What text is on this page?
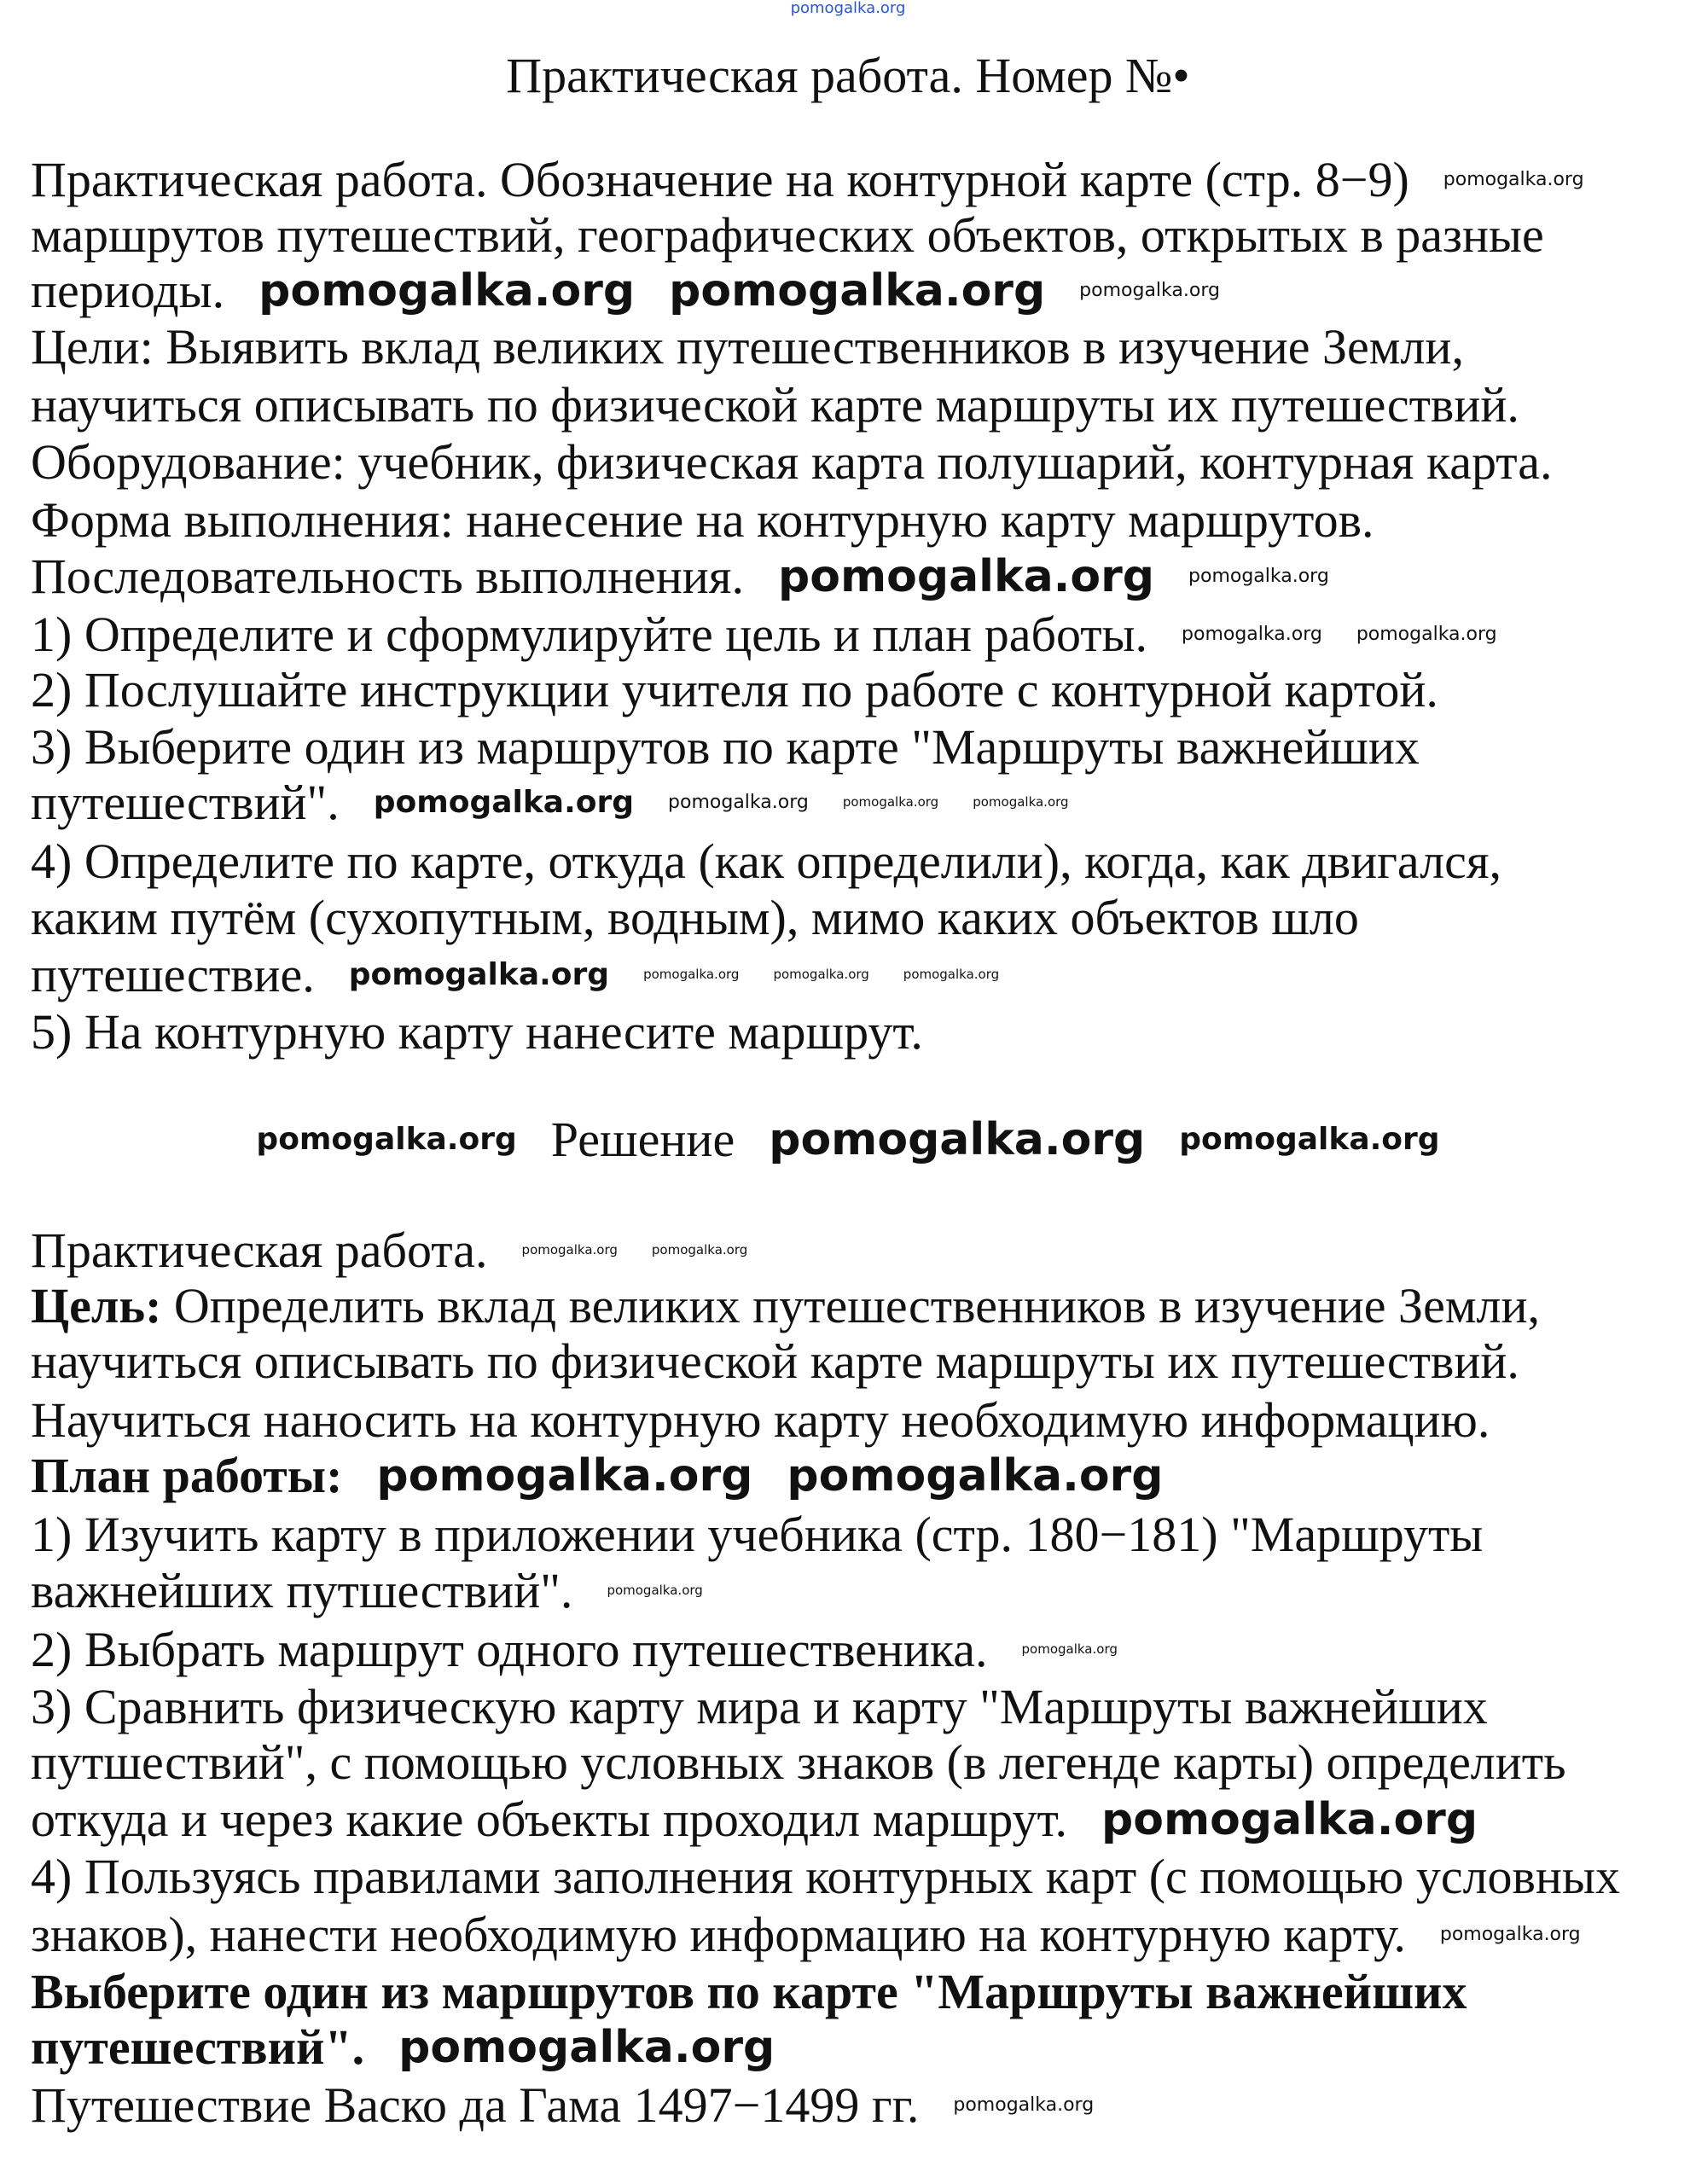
pomogalka.org
Практическая работа. Номер №•
Практическая работа. Обозначение на контурной карте (стр. 8−9) pomogalka.org
маршрутов путешествий, географических объектов, открытых в разные
периоды. pomogalka.org pomogalka.org pomogalka.org
Цели: Выявить вклад великих путешественников в изучение Земли,
научиться описывать по физической карте маршруты их путешествий.
Оборудование: учебник, физическая карта полушарий, контурная карта.
Форма выполнения: нанесение на контурную карту маршрутов.
Последовательность выполнения. pomogalka.org pomogalka.org
1) Определите и сформулируйте цель и план работы. pomogalka.org pomogalka.org
2) Послушайте инструкции учителя по работе с контурной картой.
3) Выберите один из маршрутов по карте "Маршруты важнейших
путешествий". pomogalka.org pomogalka.org	pomogalka.org	pomogalka.org
4) Определите по карте, откуда (как определили), когда, как двигался,
каким путём (сухопутным, водным), мимо каких объектов шло
путешествие. pomogalka.org	pomogalka.org	pomogalka.org	pomogalka.org
5) На контурную карту нанесите маршрут.
pomogalka.org Решение pomogalka.org pomogalka.org
Практическая работа.	pomogalka.org	pomogalka.org
Цель: Определить вклад великих путешественников в изучение Земли,
научиться описывать по физической карте маршруты их путешествий.
Научиться наносить на контурную карту необходимую информацию.
План работы: pomogalka.org pomogalka.org
1) Изучить карту в приложении учебника (стр. 180−181) "Маршруты
важнейших путшествий".	pomogalka.org
2) Выбрать маршрут одного путешественика.	pomogalka.org
3) Сравнить физическую карту мира и карту "Маршруты важнейших
путшествий", с помощью условных знаков (в легенде карты) определить
откуда и через какие объекты проходил маршрут. pomogalka.org
4) Пользуясь правилами заполнения контурных карт (с помощью условных
знаков), нанести необходимую информацию на контурную карту. pomogalka.org
Выберите один из маршрутов по карте "Маршруты важнейших
путешествий". pomogalka.org
Путешествие Васко да Гама 1497−1499 гг. pomogalka.org
